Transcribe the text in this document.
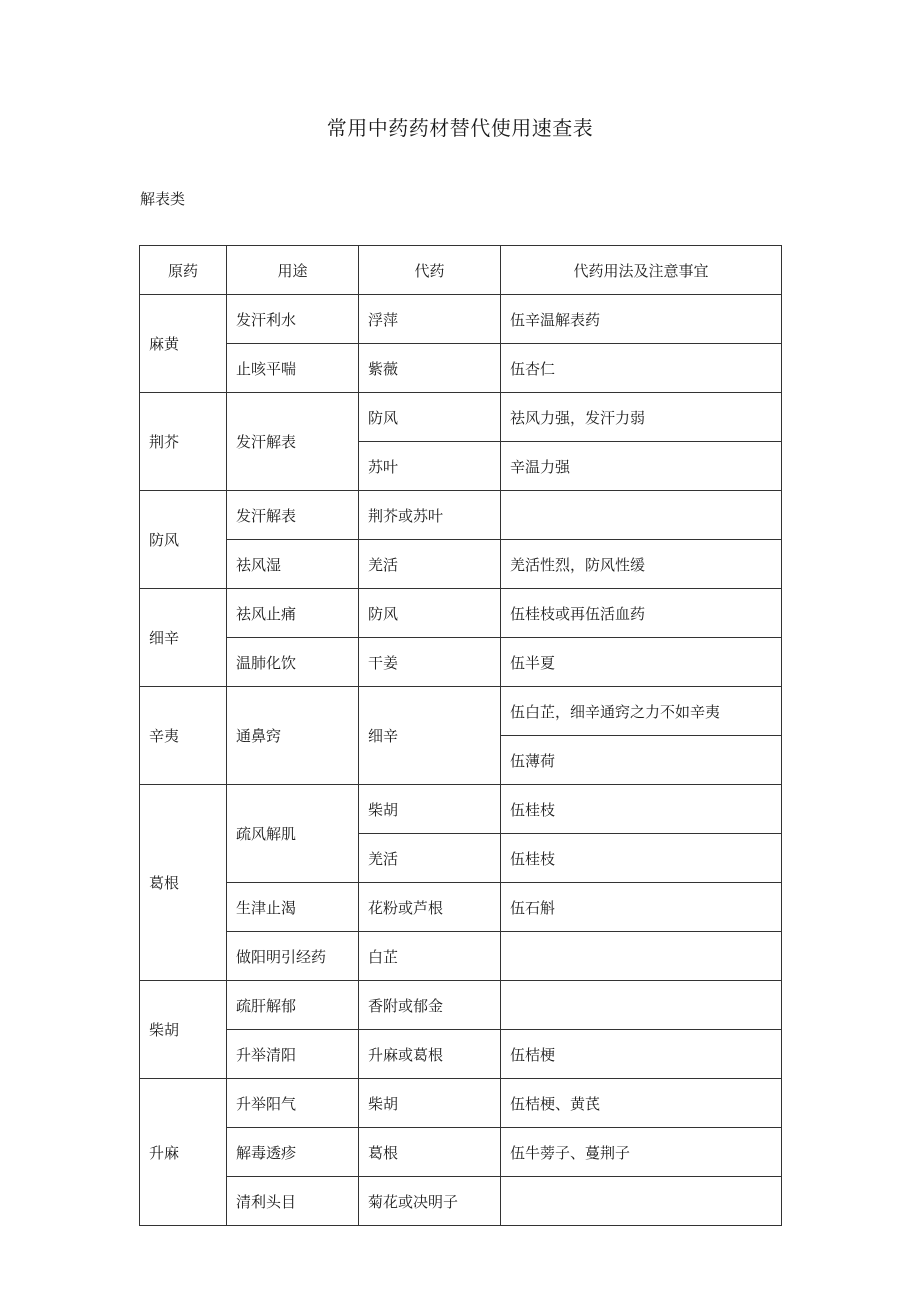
常用中药药材替代使用速查表
解表类
原药	用途	代药	代药用法及注意事宜
麻黄	发汗利水	浮萍	伍辛温解表药
	止咳平喘	紫薇	伍杏仁
荆芥	发汗解表	防风	祛风力强，发汗力弱
		苏叶	辛温力强
防风	发汗解表	荆芥或苏叶	
	祛风湿	羌活	羌活性烈，防风性缓
细辛	祛风止痛	防风	伍桂枝或再伍活血药
	温肺化饮	干姜	伍半夏
辛夷	通鼻窍	细辛	伍白芷，细辛通窍之力不如辛夷
			伍薄荷
葛根	疏风解肌	柴胡	伍桂枝
		羌活	伍桂枝
	生津止渴	花粉或芦根	伍石斛
	做阳明引经药	白芷	
柴胡	疏肝解郁	香附或郁金	
	升举清阳	升麻或葛根	伍桔梗
升麻	升举阳气	柴胡	伍桔梗、黄芪
	解毒透疹	葛根	伍牛蒡子、蔓荆子
	清利头目	菊花或决明子	
